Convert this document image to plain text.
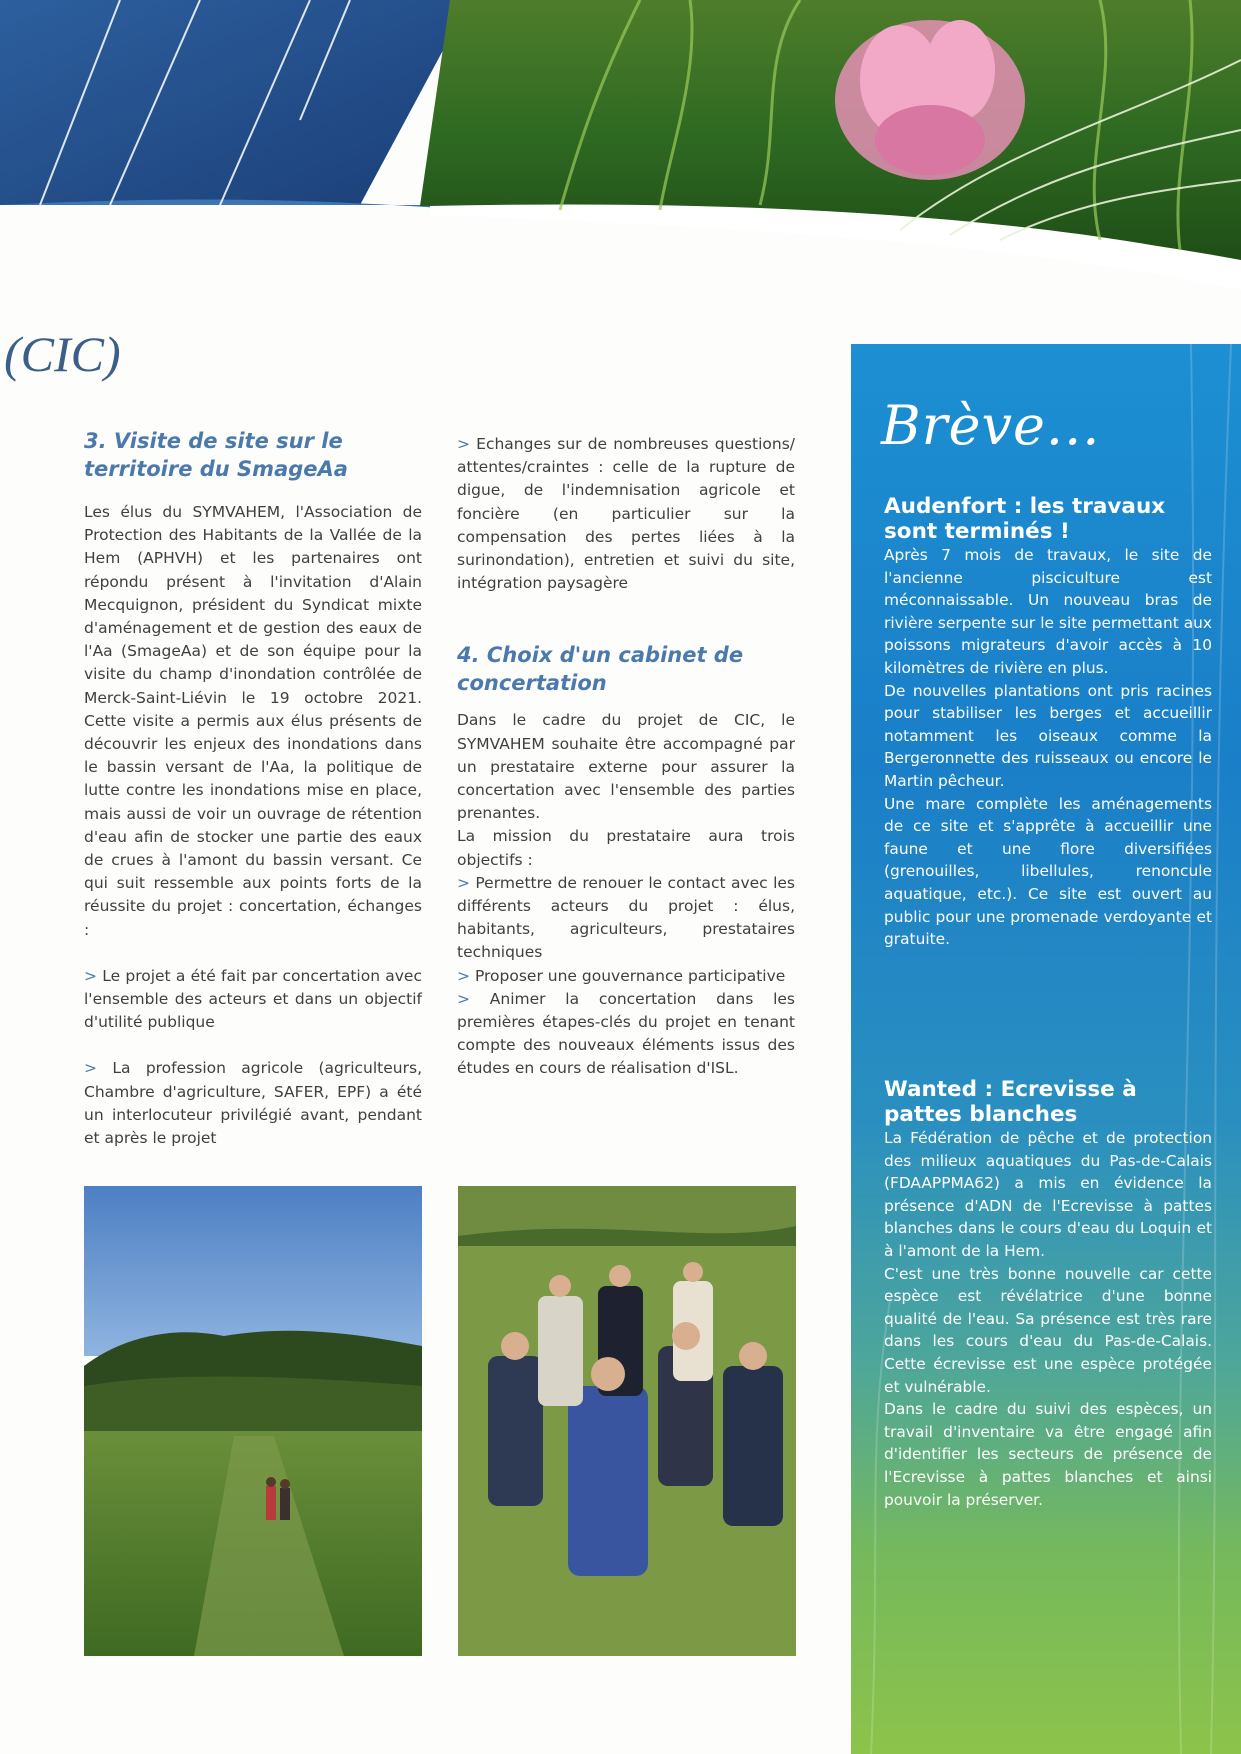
(CIC)
3. Visite de site sur le territoire du SmageAa

Les élus du SYMVAHEM, l'Association de Protection des Habitants de la Vallée de la Hem (APHVH) et les partenaires ont répondu présent à l'invitation d'Alain Mecquignon, président du Syndicat mixte d'aménagement et de gestion des eaux de l'Aa (SmageAa) et de son équipe pour la visite du champ d'inondation contrôlée de Merck-Saint-Liévin le 19 octobre 2021. Cette visite a permis aux élus présents de découvrir les enjeux des inondations dans le bassin versant de l'Aa, la politique de lutte contre les inondations mise en place, mais aussi de voir un ouvrage de rétention d'eau afin de stocker une partie des eaux de crues à l'amont du bassin versant. Ce qui suit ressemble aux points forts de la réussite du projet : concertation, échanges :

> Le projet a été fait par concertation avec l'ensemble des acteurs et dans un objectif d'utilité publique

> La profession agricole (agriculteurs, Chambre d'agriculture, SAFER, EPF) a été un interlocuteur privilégié avant, pendant et après le projet

> Echanges sur de nombreuses questions/ attentes/craintes : celle de la rupture de digue, de l'indemnisation agricole et foncière (en particulier sur la compensation des pertes liées à la surinondation), entretien et suivi du site, intégration paysagère

4. Choix d'un cabinet de concertation

Dans le cadre du projet de CIC, le SYMVAHEM souhaite être accompagné par un prestataire externe pour assurer la concertation avec l'ensemble des parties prenantes.

La mission du prestataire aura trois objectifs :

> Permettre de renouer le contact avec les différents acteurs du projet : élus, habitants, agriculteurs, prestataires techniques

> Proposer une gouvernance participative

> Animer la concertation dans les premières étapes-clés du projet en tenant compte des nouveaux éléments issus des études en cours de réalisation d'ISL.

Brève...
Audenfort : les travaux sont terminés !

Après 7 mois de travaux, le site de l'ancienne pisciculture est méconnaissable. Un nouveau bras de rivière serpente sur le site permettant aux poissons migrateurs d'avoir accès à 10 kilomètres de rivière en plus.

De nouvelles plantations ont pris racines pour stabiliser les berges et accueillir notamment les oiseaux comme la Bergeronnette des ruisseaux ou encore le Martin pêcheur.

Une mare complète les aménagements de ce site et s'apprête à accueillir une faune et une flore diversifiées (grenouilles, libellules, renoncule aquatique, etc.). Ce site est ouvert au public pour une promenade verdoyante et gratuite.

Wanted : Ecrevisse à pattes blanches

La Fédération de pêche et de protection des milieux aquatiques du Pas-de-Calais (FDAAPPMA62) a mis en évidence la présence d'ADN de l'Ecrevisse à pattes blanches dans le cours d'eau du Loquin et à l'amont de la Hem.

C'est une très bonne nouvelle car cette espèce est révélatrice d'une bonne qualité de l'eau. Sa présence est très rare dans les cours d'eau du Pas-de-Calais. Cette écrevisse est une espèce protégée et vulnérable.

Dans le cadre du suivi des espèces, un travail d'inventaire va être engagé afin d'identifier les secteurs de présence de l'Ecrevisse à pattes blanches et ainsi pouvoir la préserver.
